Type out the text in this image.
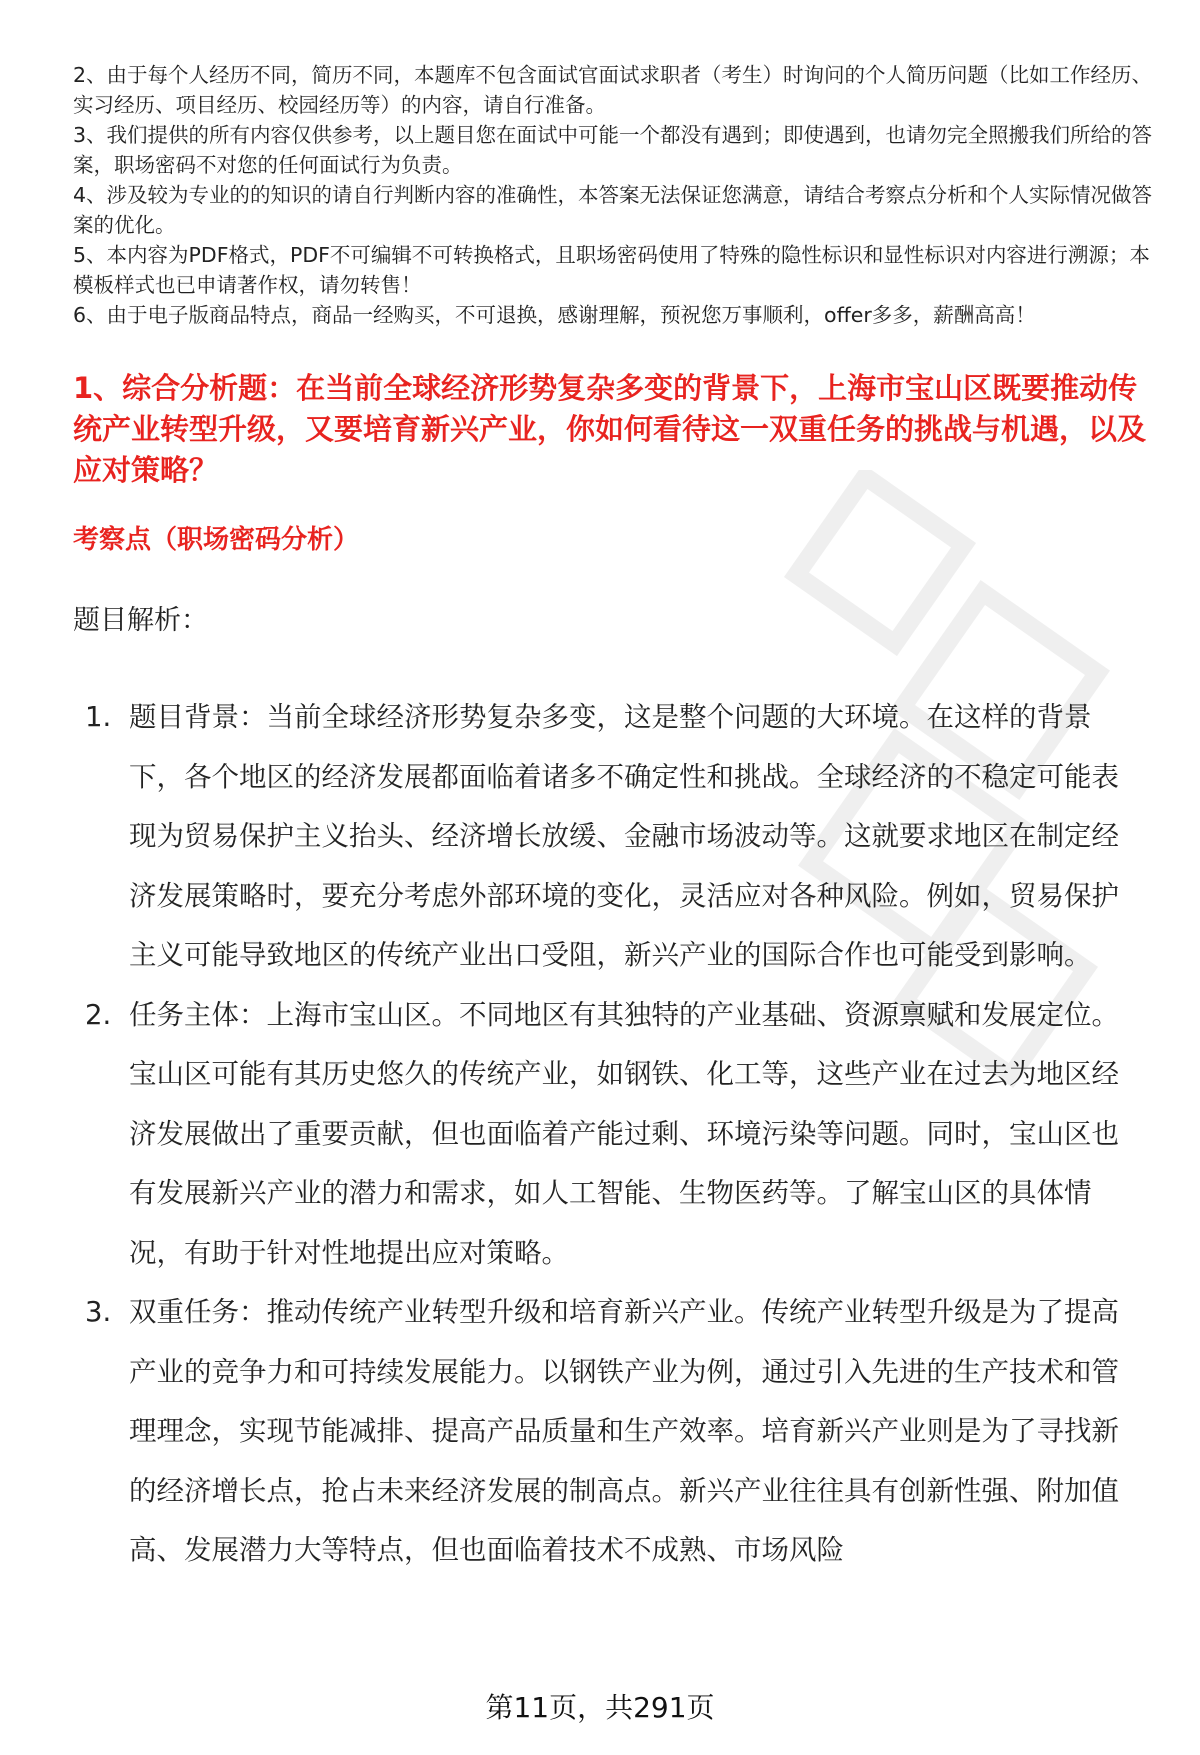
2、由于每个人经历不同，简历不同，本题库不包含面试官面试求职者（考生）时询问的个人简历问题（比如工作经历、实习经历、项目经历、校园经历等）的内容，请自行准备。

3、我们提供的所有内容仅供参考，以上题目您在面试中可能一个都没有遇到；即使遇到，也请勿完全照搬我们所给的答案，职场密码不对您的任何面试行为负责。

4、涉及较为专业的的知识的请自行判断内容的准确性，本答案无法保证您满意，请结合考察点分析和个人实际情况做答案的优化。

5、本内容为PDF格式，PDF不可编辑不可转换格式，且职场密码使用了特殊的隐性标识和显性标识对内容进行溯源；本模板样式也已申请著作权，请勿转售！

6、由于电子版商品特点，商品一经购买，不可退换，感谢理解，预祝您万事顺利，offer多多，薪酬高高！

1、综合分析题：在当前全球经济形势复杂多变的背景下，上海市宝山区既要推动传统产业转型升级，又要培育新兴产业，你如何看待这一双重任务的挑战与机遇，以及应对策略？
考察点（职场密码分析）
题目解析：
1. 题目背景：当前全球经济形势复杂多变，这是整个问题的大环境。在这样的背景下，各个地区的经济发展都面临着诸多不确定性和挑战。全球经济的不稳定可能表现为贸易保护主义抬头、经济增长放缓、金融市场波动等。这就要求地区在制定经济发展策略时，要充分考虑外部环境的变化，灵活应对各种风险。例如，贸易保护主义可能导致地区的传统产业出口受阻，新兴产业的国际合作也可能受到影响。
2. 任务主体：上海市宝山区。不同地区有其独特的产业基础、资源禀赋和发展定位。宝山区可能有其历史悠久的传统产业，如钢铁、化工等，这些产业在过去为地区经济发展做出了重要贡献，但也面临着产能过剩、环境污染等问题。同时，宝山区也有发展新兴产业的潜力和需求，如人工智能、生物医药等。了解宝山区的具体情况，有助于针对性地提出应对策略。
3. 双重任务：推动传统产业转型升级和培育新兴产业。传统产业转型升级是为了提高产业的竞争力和可持续发展能力。以钢铁产业为例，通过引入先进的生产技术和管理理念，实现节能减排、提高产品质量和生产效率。培育新兴产业则是为了寻找新的经济增长点，抢占未来经济发展的制高点。新兴产业往往具有创新性强、附加值高、发展潜力大等特点，但也面临着技术不成熟、市场风险
第11页，共291页
